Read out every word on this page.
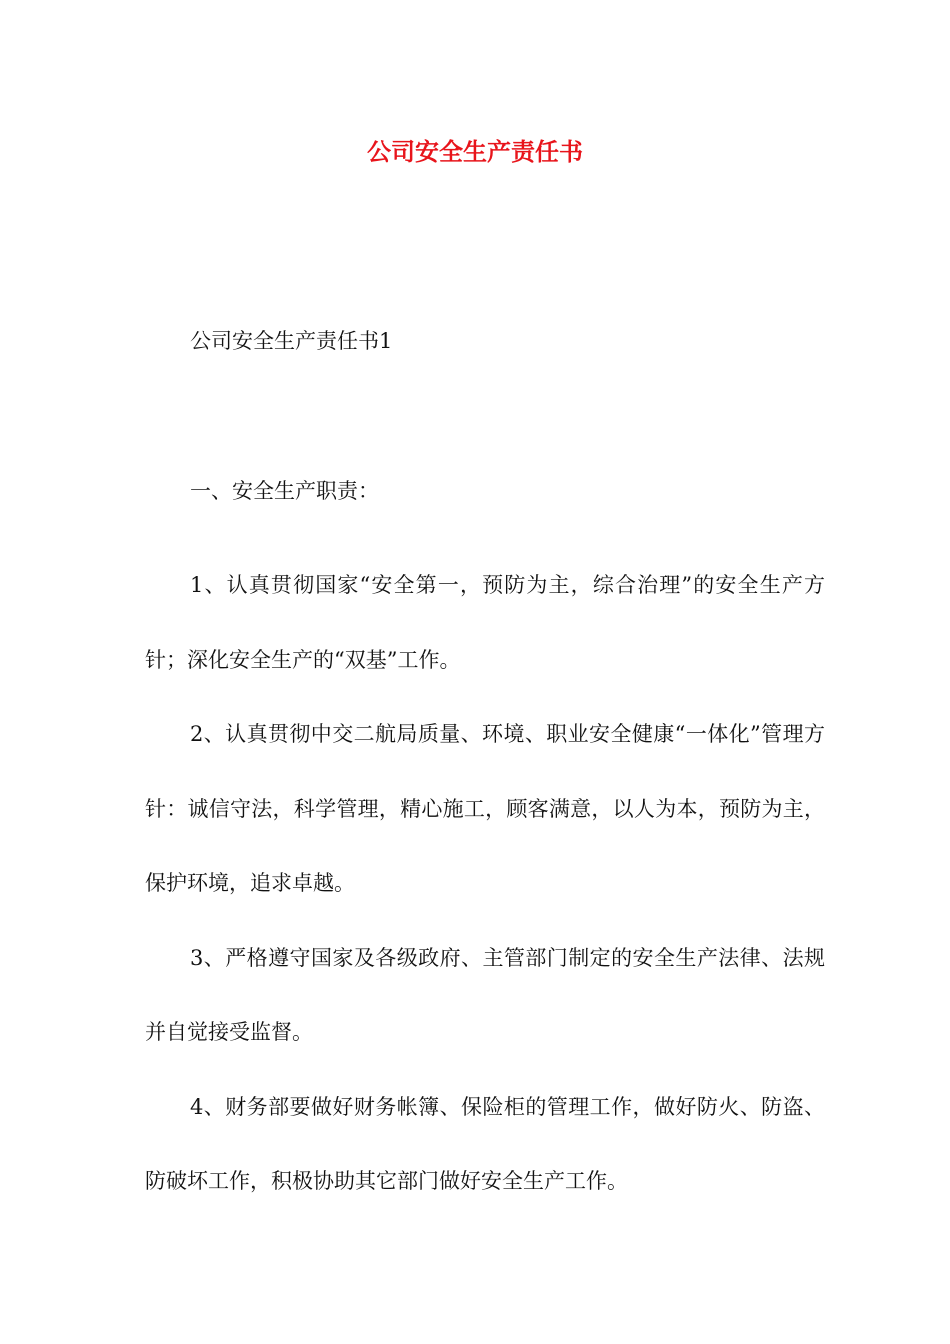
公司安全生产责任书

公司安全生产责任书1

一、安全生产职责：

1、认真贯彻国家“安全第一，预防为主，综合治理”的安全生产方针；深化安全生产的“双基”工作。

2、认真贯彻中交二航局质量、环境、职业安全健康“一体化”管理方针：诚信守法，科学管理，精心施工，顾客满意，以人为本，预防为主，保护环境，追求卓越。

3、严格遵守国家及各级政府、主管部门制定的安全生产法律、法规并自觉接受监督。

4、财务部要做好财务帐簿、保险柜的管理工作，做好防火、防盗、防破坏工作，积极协助其它部门做好安全生产工作。
